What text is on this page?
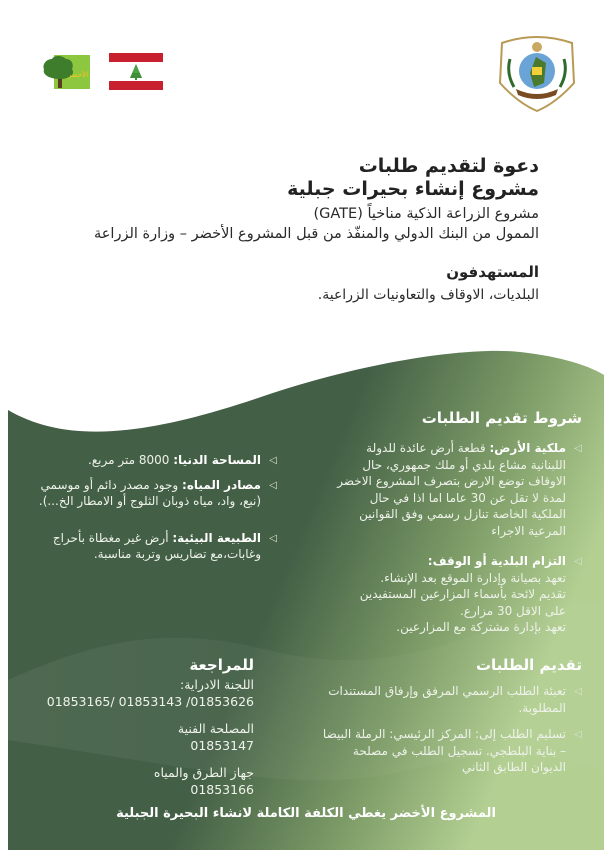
الأخضر

دعوة لتقديم طلبات

مشروع إنشاء بحيرات جبلية

مشروع الزراعة الذكية مناخياً (GATE)

الممول من البنك الدولي والمنفّذ من قبل المشروع الأخضر – وزارة الزراعة

المستهدفون

البلديات، الاوقاف والتعاونيات الزراعية.

شروط تقديم الطلبات

◁
ملكية الأرض: قطعة أرض عائدة للدولة اللبنانية مشاع بلدي أو ملك جمهوري، حال الاوقاف توضع الارض بتصرف المشروع الاخضر لمدة لا تقل عن 30 عاما اما اذا في حال الملكية الخاصة تنازل رسمي وفق القوانين المرعية الاجراء

◁
التزام البلدية أو الوقف:

تعهد بصيانة وإدارة الموقع بعد الإنشاء.

تقديم لائحة بأسماء المزارعين المستفيدين

على الاقل 30 مزارع.

تعهد بإدارة مشتركة مع المزارعين.

◁
المساحة الدنيا: 8000 متر مربع.

◁
مصادر المياه: وجود مصدر دائم أو موسمي (نبع، واد، مياه ذوبان الثلوج أو الامطار الخ...).

◁
الطبيعة البيئية: أرض غير مغطاة بأحراج وغابات،مع تضاريس وتربة مناسبة.

تقديم الطلبات

◁
تعبئة الطلب الرسمي المرفق وإرفاق المستندات المطلوبة.

◁
تسليم الطلب إلى: المركز الرئيسي: الرملة البيضا – بناية البلطجي. تسجيل الطلب في مصلحة الديوان الطابق الثاني

للمراجعة

اللجنة الادراية:

01853626/ 01853143 /01853165

المصلحة الفنية

01853147

جهاز الطرق والمياه

01853166

المشروع الأخضر يغطي الكلفة الكاملة لانشاء البحيرة الجبلية
